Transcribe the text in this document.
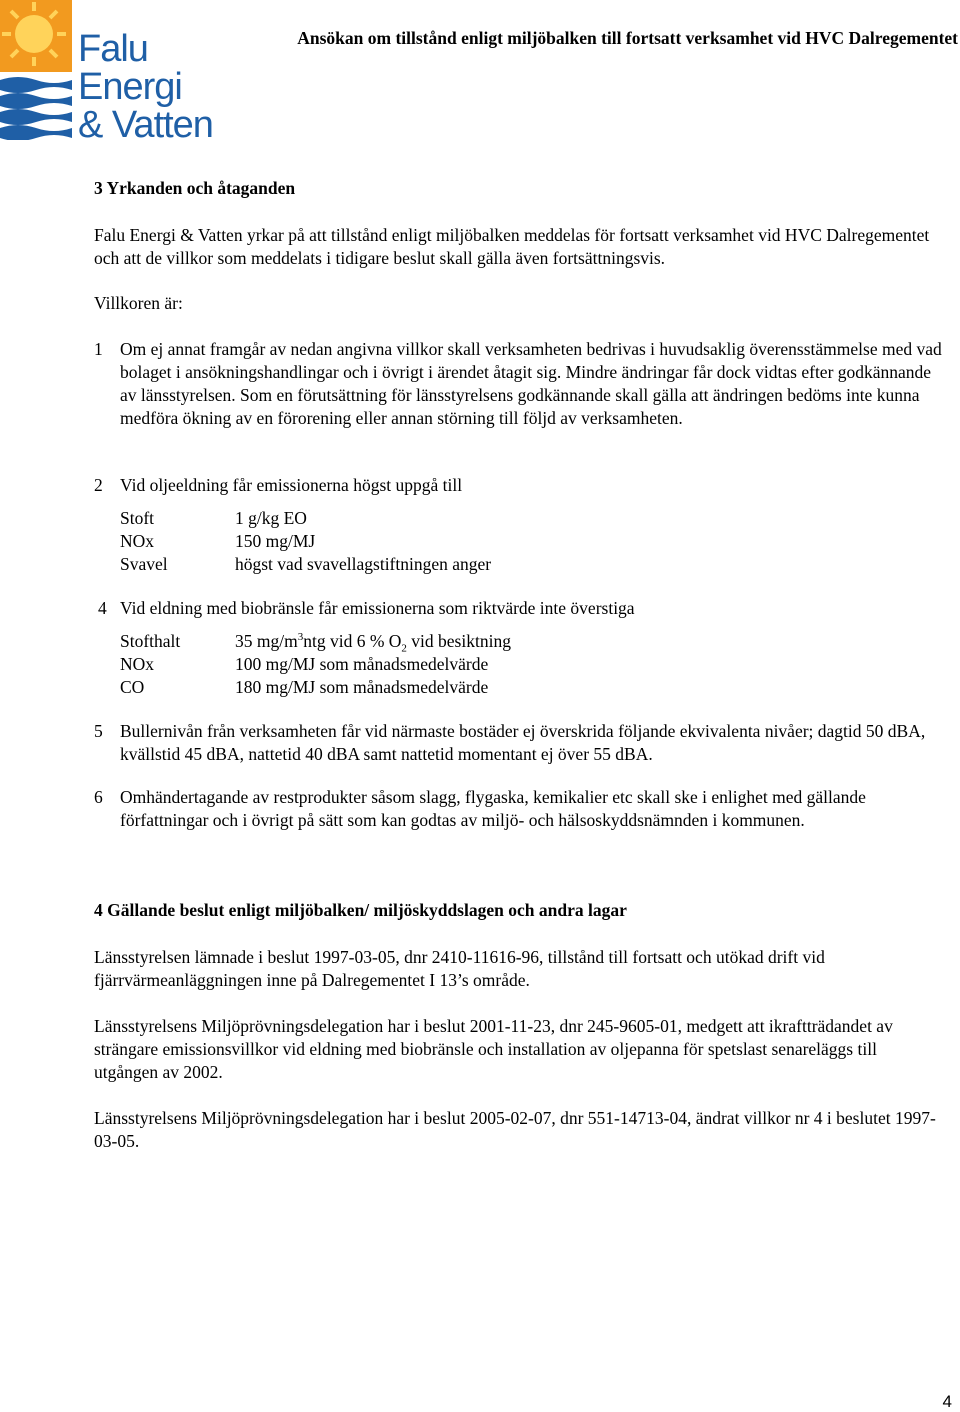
Falu
Energi
& Vatten
Ansökan om tillstånd enligt miljöbalken till fortsatt verksamhet vid HVC Dalregementet
3 Yrkanden och åtaganden
Falu Energi & Vatten yrkar på att tillstånd enligt miljöbalken meddelas för fortsatt verksamhet vid HVC Dalregementet och att de villkor som meddelats i tidigare beslut skall gälla även fortsättningsvis.
Villkoren är:
1 Om ej annat framgår av nedan angivna villkor skall verksamheten bedrivas i huvudsaklig överensstämmelse med vad bolaget i ansökningshandlingar och i övrigt i ärendet åtagit sig. Mindre ändringar får dock vidtas efter godkännande av länsstyrelsen. Som en förutsättning för länsstyrelsens godkännande skall gälla att ändringen bedöms inte kunna medföra ökning av en förorening eller annan störning till följd av verksamheten.
2 Vid oljeeldning får emissionerna högst uppgå till
Stoft	1 g/kg EO
NOx	150 mg/MJ
Svavel	högst vad svavellagstiftningen anger
4 Vid eldning med biobränsle får emissionerna som riktvärde inte överstiga
Stofthalt	35 $mg/m^3ntg$ vid 6 % $O_2$ vid besiktning
NOx	100 mg/MJ som månadsmedelvärde
CO	180 mg/MJ som månadsmedelvärde
5 Bullernivån från verksamheten får vid närmaste bostäder ej överskrida följande ekvivalenta nivåer; dagtid 50 dBA, kvällstid 45 dBA, nattetid 40 dBA samt nattetid momentant ej över 55 dBA.
6 Omhändertagande av restprodukter såsom slagg, flygaska, kemikalier etc skall ske i enlighet med gällande författningar och i övrigt på sätt som kan godtas av miljö- och hälsoskyddsnämnden i kommunen.
4 Gällande beslut enligt miljöbalken/ miljöskyddslagen och andra lagar
Länsstyrelsen lämnade i beslut 1997-03-05, dnr 2410-11616-96, tillstånd till fortsatt och utökad drift vid fjärrvärmeanläggningen inne på Dalregementet I 13’s område.
Länsstyrelsens Miljöprövningsdelegation har i beslut 2001-11-23, dnr 245-9605-01, medgett att ikraftträdandet av strängare emissionsvillkor vid eldning med biobränsle och installation av oljepanna för spetslast senareläggs till utgången av 2002.
Länsstyrelsens Miljöprövningsdelegation har i beslut 2005-02-07, dnr 551-14713-04, ändrat villkor nr 4 i beslutet 1997-03-05.
4
